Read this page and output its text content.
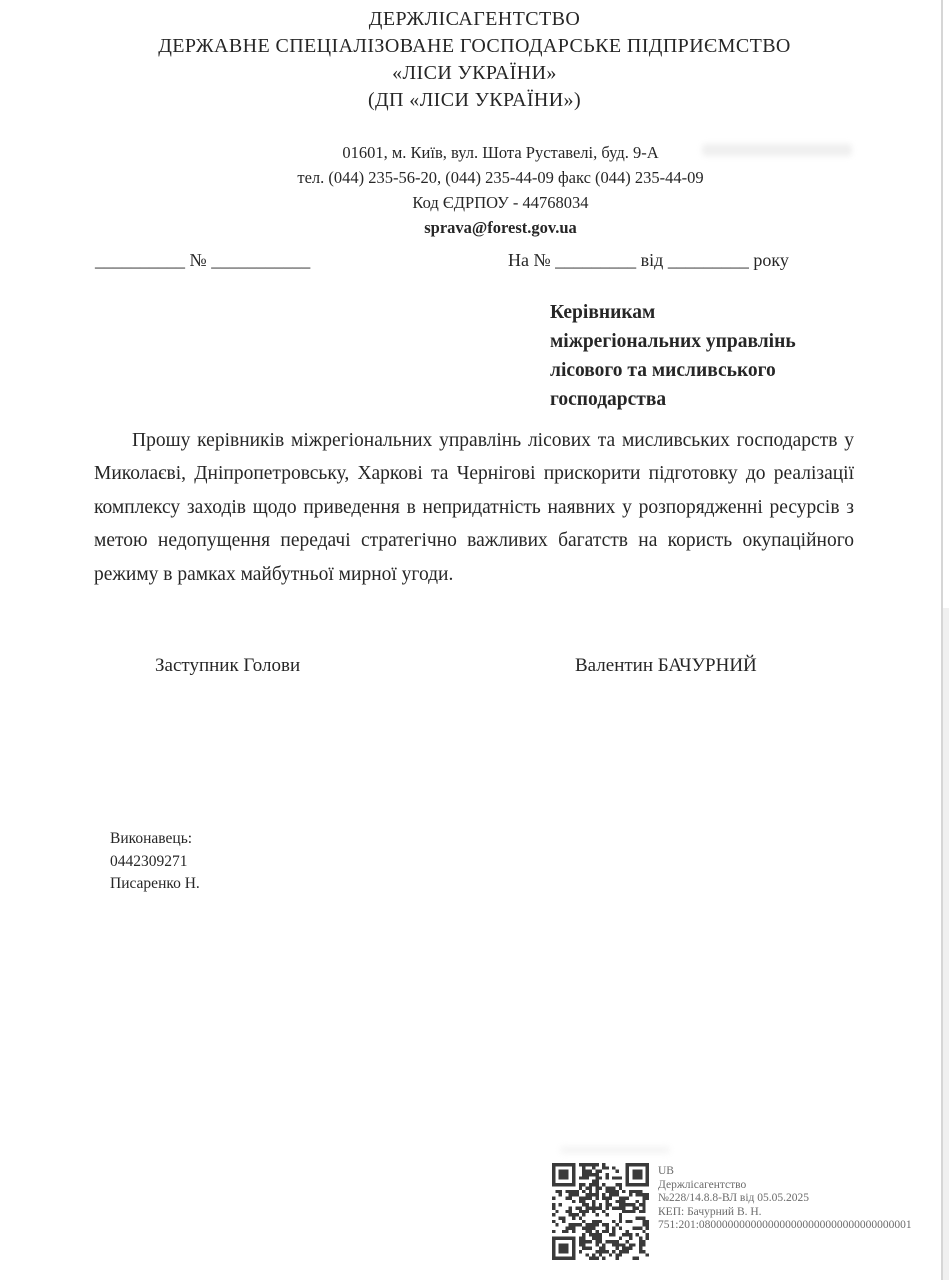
ДЕРЖЛІСАГЕНТСТВО
ДЕРЖАВНЕ СПЕЦІАЛІЗОВАНЕ ГОСПОДАРСЬКЕ ПІДПРИЄМСТВО
«ЛІСИ УКРАЇНИ»
(ДП «ЛІСИ УКРАЇНИ»)
01601, м. Київ, вул. Шота Руставелі, буд. 9-А
тел. (044) 235-56-20, (044) 235-44-09 факс (044) 235-44-09
Код ЄДРПОУ - 44768034
sprava@forest.gov.ua
__________ № ___________	На № _________ від _________ року
Керівникам
міжрегіональних управлінь
лісового та мисливського
господарства
Прошу керівників міжрегіональних управлінь лісових та мисливських господарств у Миколаєві, Дніпропетровську, Харкові та Чернігові прискорити підготовку до реалізації комплексу заходів щодо приведення в непридатність наявних у розпорядженні ресурсів з метою недопущення передачі стратегічно важливих багатств на користь окупаційного режиму в рамках майбутньої мирної угоди.
Заступник Голови	Валентин БАЧУРНИЙ
Виконавець:
0442309271
Писаренко Н.
UB
Держлісагентство
№228/14.8.8-ВЛ від 05.05.2025
КЕП: Бачурний В. Н.
751:201:0800000000000000000000000000000000001
